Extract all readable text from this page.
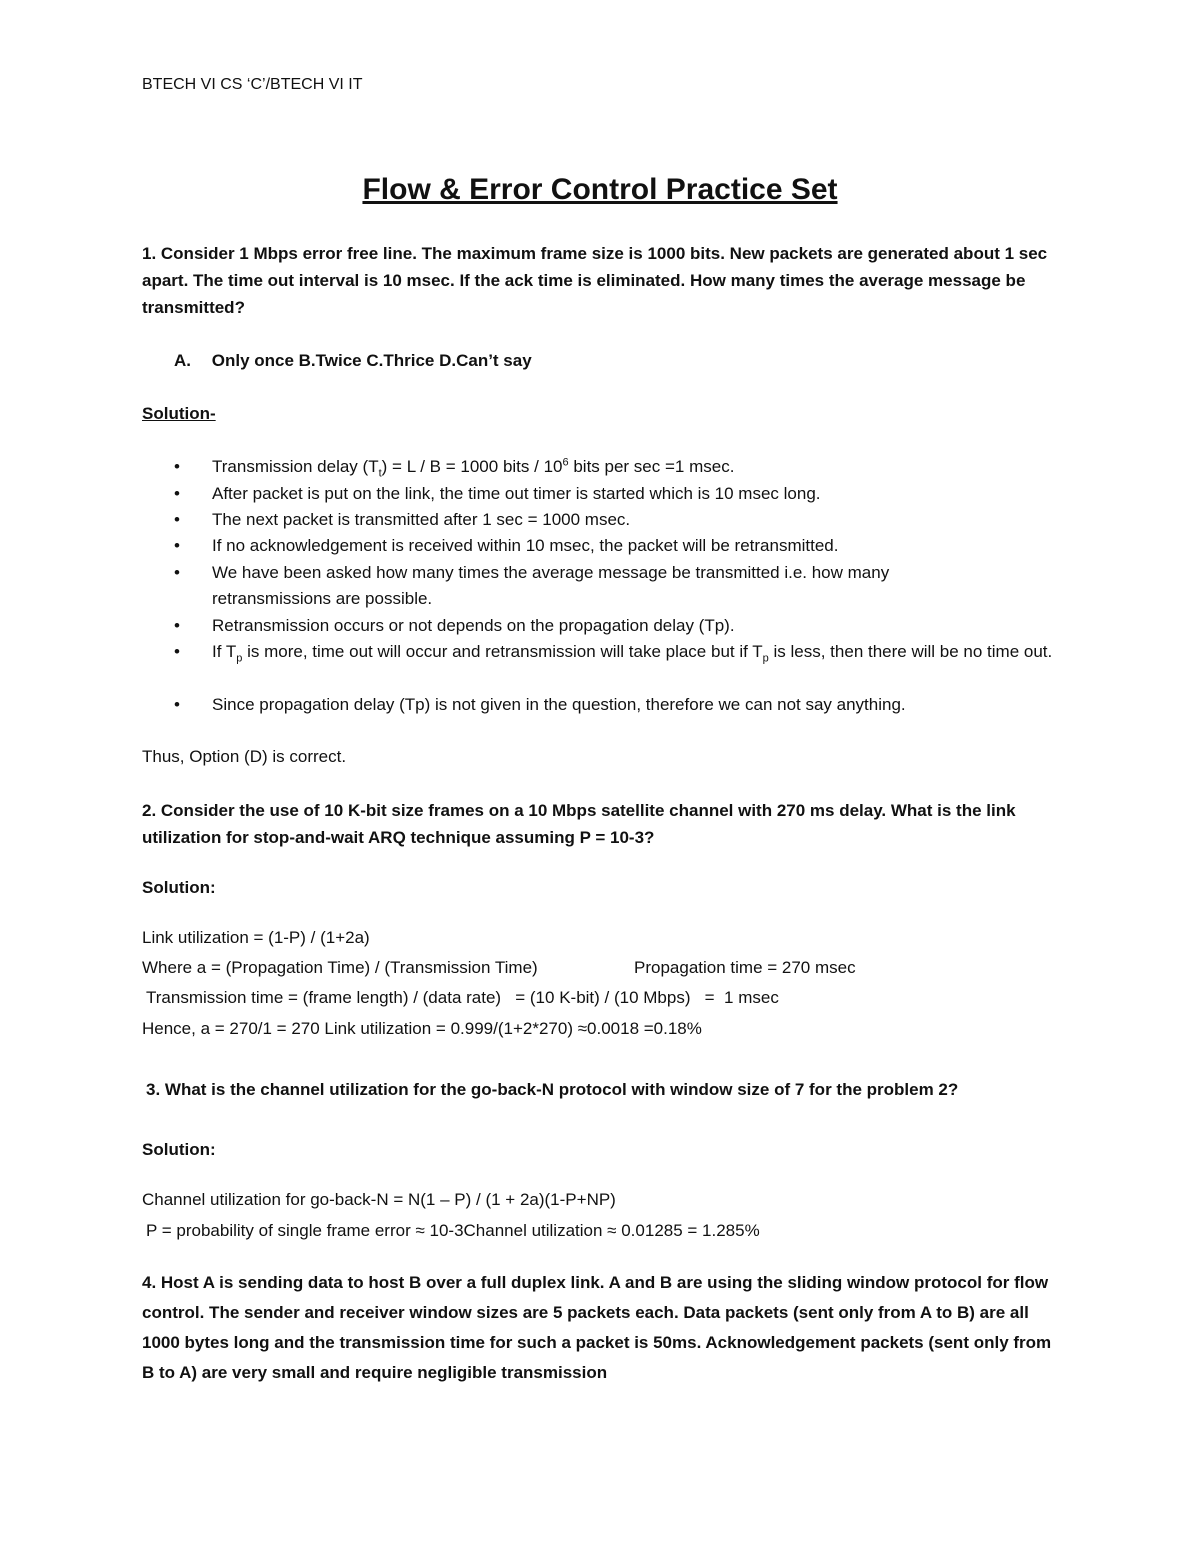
BTECH VI CS ‘C’/BTECH VI IT

Flow & Error Control Practice Set

1. Consider 1 Mbps error free line. The maximum frame size is 1000 bits. New packets are generated about 1 sec apart. The time out interval is 10 msec. If the ack time is eliminated. How many times the average message be transmitted?

A. Only once B.Twice C.Thrice D.Can’t say

Solution-

• Transmission delay $(T_t) = L / B = 1000$ bits / $10^6$ bits per sec =1 msec.
• After packet is put on the link, the time out timer is started which is 10 msec long.
• The next packet is transmitted after 1 sec = 1000 msec.
• If no acknowledgement is received within 10 msec, the packet will be retransmitted.
• We have been asked how many times the average message be transmitted i.e. how many retransmissions are possible.
• Retransmission occurs or not depends on the propagation delay (Tp).
• If $T_p$ is more, time out will occur and retransmission will take place but if $T_p$ is less, then there will be no time out.
• Since propagation delay (Tp) is not given in the question, therefore we can not say anything.

Thus, Option (D) is correct.

2. Consider the use of 10 K-bit size frames on a 10 Mbps satellite channel with 270 ms delay. What is the link utilization for stop-and-wait ARQ technique assuming P = 10-3?

Solution:

Link utilization = (1-P) / (1+2a)

Where a = (Propagation Time) / (Transmission Time)	Propagation time = 270 msec

Transmission time = (frame length) / (data rate)   = (10 K-bit) / (10 Mbps)   =  1 msec

Hence, a = 270/1 = 270 Link utilization = 0.999/(1+2*270) ≈0.0018 =0.18%

3. What is the channel utilization for the go-back-N protocol with window size of 7 for the problem 2?

Solution:

Channel utilization for go-back-N = N(1 – P) / (1 + 2a)(1-P+NP)

P = probability of single frame error ≈ 10-3Channel utilization ≈ 0.01285 = 1.285%

4. Host A is sending data to host B over a full duplex link. A and B are using the sliding window protocol for flow control. The sender and receiver window sizes are 5 packets each. Data packets (sent only from A to B) are all 1000 bytes long and the transmission time for such a packet is 50ms. Acknowledgement packets (sent only from B to A) are very small and require negligible transmission
